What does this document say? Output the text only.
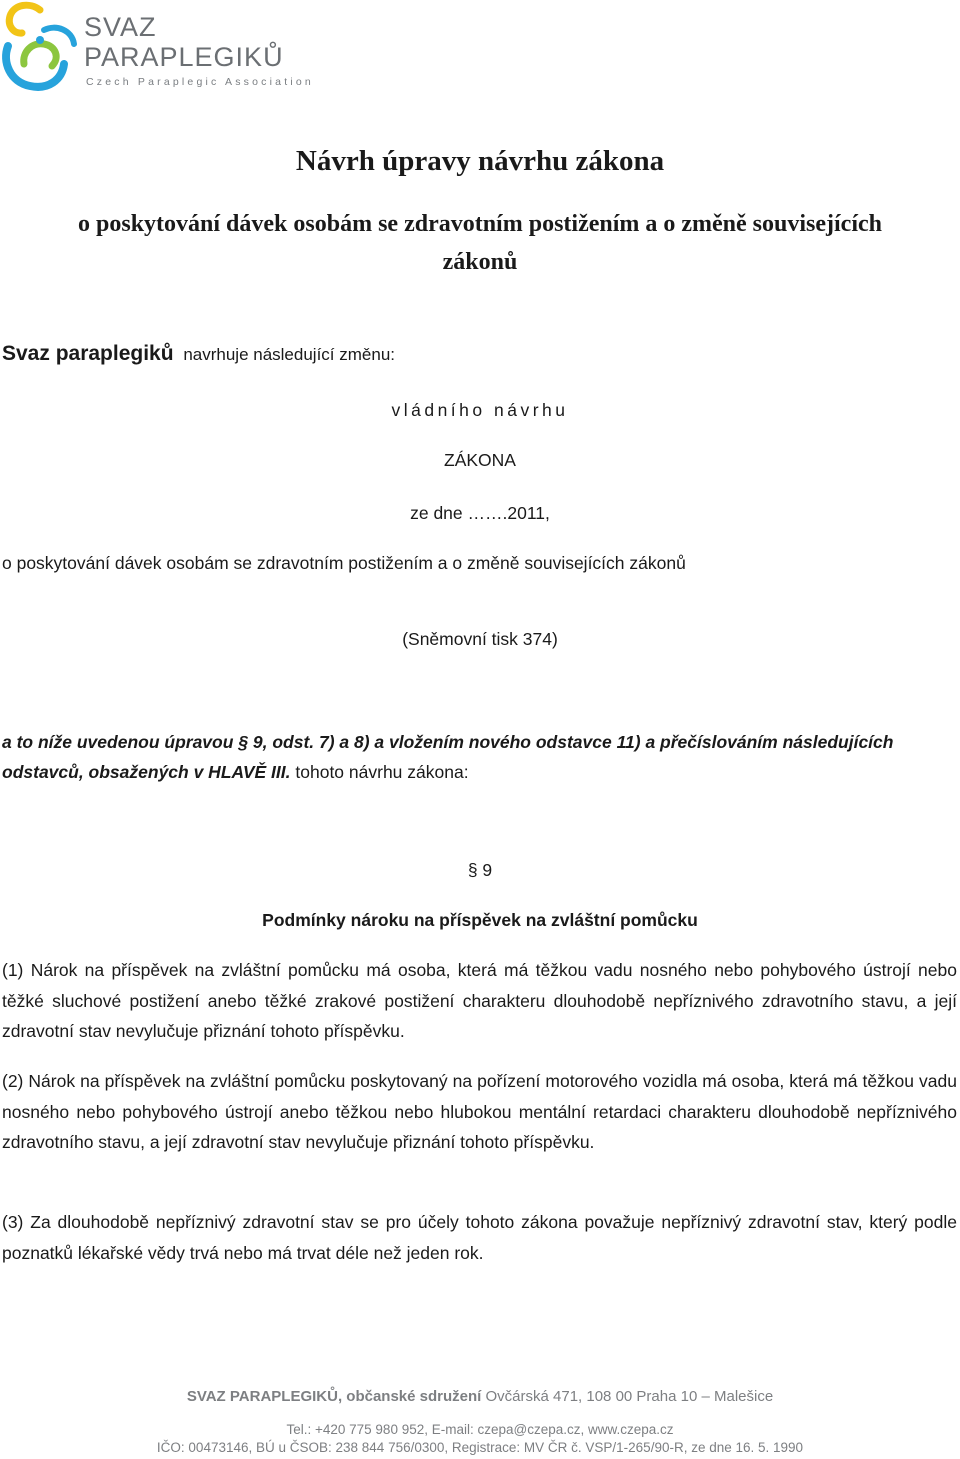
SVAZ
PARAPLEGIKŮ
Czech Paraplegic Association
Návrh úpravy návrhu zákona
o poskytování dávek osobám se zdravotním postižením a o změně souvisejících zákonů
Svaz paraplegiků navrhuje následující změnu:
vládního návrhu
ZÁKONA
ze dne …….2011,
o poskytování dávek osobám se zdravotním postižením a o změně souvisejících zákonů
(Sněmovní tisk 374)
a to níže uvedenou úpravou § 9, odst. 7) a 8) a vložením nového odstavce 11) a přečíslováním následujících odstavců, obsažených v HLAVĚ III. tohoto návrhu zákona:
§ 9
Podmínky nároku na příspěvek na zvláštní pomůcku
(1) Nárok na příspěvek na zvláštní pomůcku má osoba, která má těžkou vadu nosného nebo pohybového ústrojí nebo těžké sluchové postižení anebo těžké zrakové postižení charakteru dlouhodobě nepříznivého zdravotního stavu, a její zdravotní stav nevylučuje přiznání tohoto příspěvku.
(2) Nárok na příspěvek na zvláštní pomůcku poskytovaný na pořízení motorového vozidla má osoba, která má těžkou vadu nosného nebo pohybového ústrojí anebo těžkou nebo hlubokou mentální retardaci charakteru dlouhodobě nepříznivého zdravotního stavu, a její zdravotní stav nevylučuje přiznání tohoto příspěvku.
(3) Za dlouhodobě nepříznivý zdravotní stav se pro účely tohoto zákona považuje nepříznivý zdravotní stav, který podle poznatků lékařské vědy trvá nebo má trvat déle než jeden rok.
SVAZ PARAPLEGIKŮ, občanské sdružení Ovčárská 471, 108 00 Praha 10 – Malešice
Tel.: +420 775 980 952, E-mail: czepa@czepa.cz, www.czepa.cz
IČO: 00473146, BÚ u ČSOB: 238 844 756/0300, Registrace: MV ČR č. VSP/1-265/90-R, ze dne 16. 5. 1990
